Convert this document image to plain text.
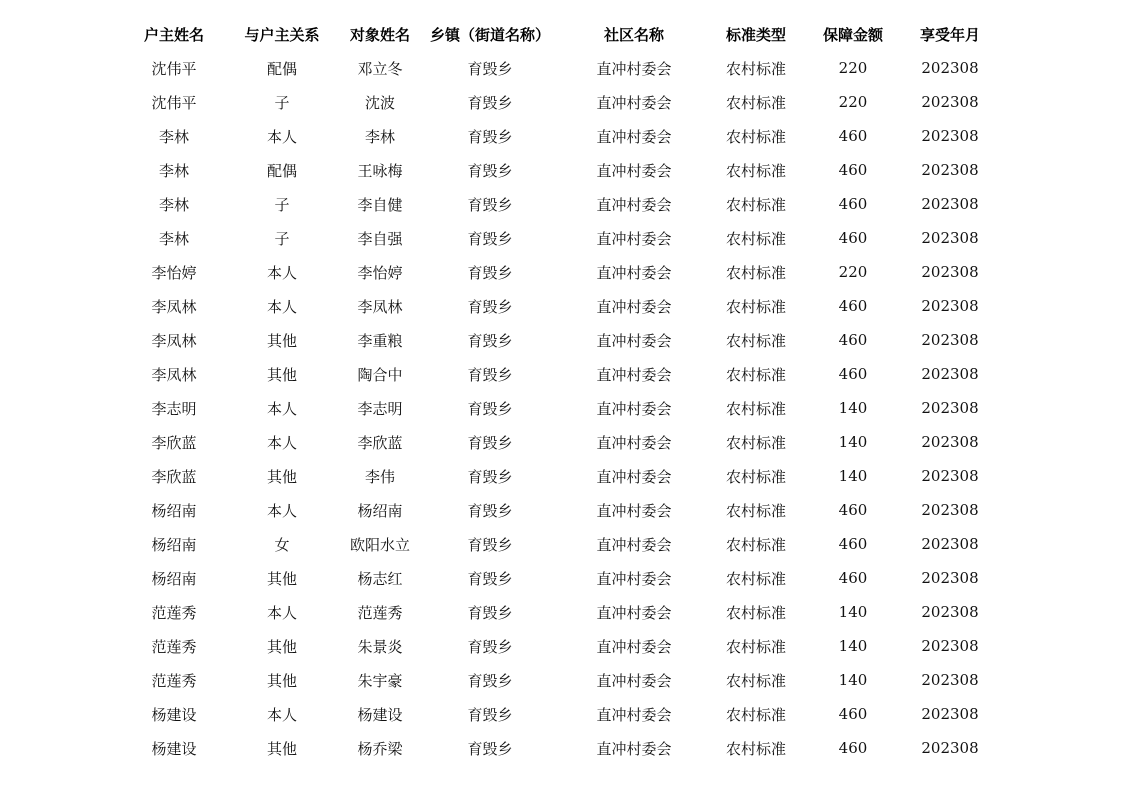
户主姓名	与户主关系	对象姓名	乡镇（街道名称）	社区名称	标准类型	保障金额	享受年月
沈伟平	配偶	邓立冬	育毁乡	直冲村委会	农村标准	220	202308
沈伟平	子	沈波	育毁乡	直冲村委会	农村标准	220	202308
李林	本人	李林	育毁乡	直冲村委会	农村标准	460	202308
李林	配偶	王咏梅	育毁乡	直冲村委会	农村标准	460	202308
李林	子	李自健	育毁乡	直冲村委会	农村标准	460	202308
李林	子	李自强	育毁乡	直冲村委会	农村标准	460	202308
李怡婷	本人	李怡婷	育毁乡	直冲村委会	农村标准	220	202308
李凤林	本人	李凤林	育毁乡	直冲村委会	农村标准	460	202308
李凤林	其他	李重粮	育毁乡	直冲村委会	农村标准	460	202308
李凤林	其他	陶合中	育毁乡	直冲村委会	农村标准	460	202308
李志明	本人	李志明	育毁乡	直冲村委会	农村标准	140	202308
李欣蓝	本人	李欣蓝	育毁乡	直冲村委会	农村标准	140	202308
李欣蓝	其他	李伟	育毁乡	直冲村委会	农村标准	140	202308
杨绍南	本人	杨绍南	育毁乡	直冲村委会	农村标准	460	202308
杨绍南	女	欧阳水立	育毁乡	直冲村委会	农村标准	460	202308
杨绍南	其他	杨志红	育毁乡	直冲村委会	农村标准	460	202308
范莲秀	本人	范莲秀	育毁乡	直冲村委会	农村标准	140	202308
范莲秀	其他	朱景炎	育毁乡	直冲村委会	农村标准	140	202308
范莲秀	其他	朱宇豪	育毁乡	直冲村委会	农村标准	140	202308
杨建设	本人	杨建设	育毁乡	直冲村委会	农村标准	460	202308
杨建设	其他	杨乔梁	育毁乡	直冲村委会	农村标准	460	202308
